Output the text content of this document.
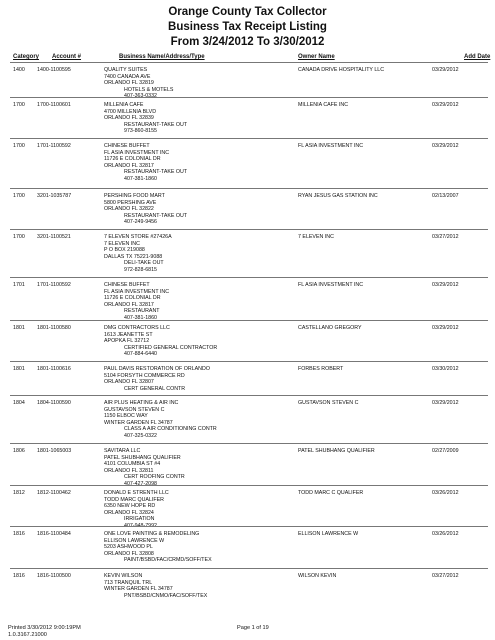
Orange County Tax Collector
Business Tax Receipt Listing
From 3/24/2012 To 3/30/2012
Category Account #	Business Name/Address/Type	Owner Name	Add Date
1400 1400-1100595	QUALITY SUITES
7400 CANADA AVE
ORLANDO FL 32819
HOTELS & MOTELS
407-363-0332
CANADA DRIVE HOSPITALITY LLC	03/29/2012
1700 1700-1100601	MILLENIA CAFE
4700 MILLENIA BLVD
ORLANDO FL 32839
RESTAURANT-TAKE OUT
973-860-8155
MILLENIA CAFE INC	03/29/2012
1700 1701-1100592	CHINESE BUFFET
FL ASIA INVESTMENT INC
11726 E COLONIAL DR
ORLANDO FL 32817
RESTAURANT-TAKE OUT
407-381-1860
FL ASIA INVESTMENT INC	03/29/2012
1700 3201-1035787	PERSHING FOOD MART
5800 PERSHING AVE
ORLANDO FL 32822
RESTAURANT-TAKE OUT
407-249-9456
RYAN JESUS GAS STATION INC	02/13/2007
1700 3201-1100521	7 ELEVEN STORE #27426A
7 ELEVEN INC
P O BOX 219088
DALLAS TX 75221-9088
DELI-TAKE OUT
972-828-6815
7 ELEVEN INC	03/27/2012
1701 1701-1100592	CHINESE BUFFET
FL ASIA INVESTMENT INC
11726 E COLONIAL DR
ORLANDO FL 32817
RESTAURANT
407-381-1860
FL ASIA INVESTMENT INC	03/29/2012
1801 1801-1100580	DMG CONTRACTORS LLC
1613 JEANETTE ST
APOPKA FL 32712
CERTIFIED GENERAL CONTRACTOR
407-884-6440
CASTELLANO GREGORY	03/29/2012
1801 1801-1100616	PAUL DAVIS RESTORATION OF ORLANDO
5104 FORSYTH COMMERCE RD
ORLANDO FL 32807
CERT GENERAL CONTR
FORBES ROBERT	03/30/2012
1804 1804-1100590	AIR PLUS HEATING & AIR INC
GUSTAVSON STEVEN C
1150 ELBOC WAY
WINTER GARDEN FL 34787
CLASS A AIR CONDITIONING CONTR
407-325-0322
GUSTAVSON STEVEN C	03/29/2012
1806 1801-1065003	SAVITARA LLC
PATEL SHUBHANG QUALIFIER
4101 COLUMBIA ST #4
ORLANDO FL 32811
CERT ROOFING CONTR
407-427-2098
PATEL SHUBHANG QUALIFIER	02/27/2009
1812 1812-1100462	DONALD E STRENTH LLC
TODD MARC QUALIFER
6350 NEW HOPE RD
ORLANDO FL 32824
IRRIGATION
407-948-7992
TODD MARC C QUALIFER	03/26/2012
1816 1816-1100484	ONE LOVE PAINTING & REMODELING
ELLISON LAWRENCE W
5203 ASHWOOD PL
ORLANDO FL 32808
PAINT/BSBD/FAC/CRMD/SOFF/TEX
ELLISON LAWRENCE W	03/26/2012
1816 1816-1100500	KEVIN WILSON
713 TRANQUIL TRL
WINTER GARDEN FL 34787
PNT/BSBD/CNMO/FAC/SOFF/TEX
WILSON KEVIN	03/27/2012
Printed 3/30/2012 9:00:19PM
1.0.3167.21000
Page 1 of 19
